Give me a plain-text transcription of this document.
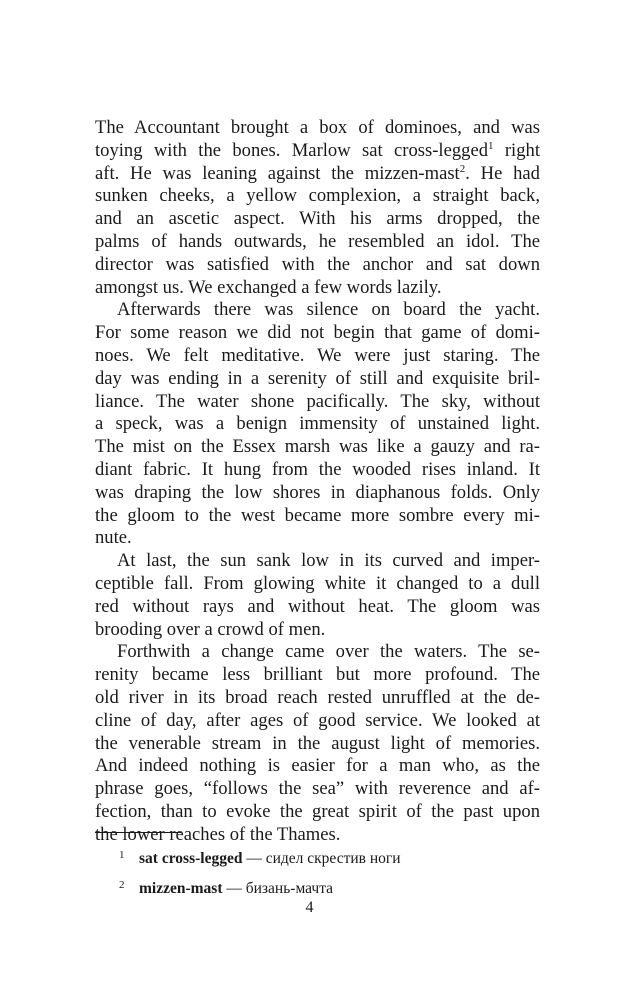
The Accountant brought a box of dominoes, and was
toying with the bones. Marlow sat cross-legged$^1$ right
aft. He was leaning against the mizzen-mast$^2$. He had
sunken cheeks, a yellow complexion, a straight back,
and an ascetic aspect. With his arms dropped, the
palms of hands outwards, he resembled an idol. The
director was satisfied with the anchor and sat down
amongst us. We exchanged a few words lazily.
Afterwards there was silence on board the yacht.
For some reason we did not begin that game of domi-
noes. We felt meditative. We were just staring. The
day was ending in a serenity of still and exquisite bril-
liance. The water shone pacifically. The sky, without
a speck, was a benign immensity of unstained light.
The mist on the Essex marsh was like a gauzy and ra-
diant fabric. It hung from the wooded rises inland. It
was draping the low shores in diaphanous folds. Only
the gloom to the west became more sombre every mi-
nute.
At last, the sun sank low in its curved and imper-
ceptible fall. From glowing white it changed to a dull
red without rays and without heat. The gloom was
brooding over a crowd of men.
Forthwith a change came over the waters. The se-
renity became less brilliant but more profound. The
old river in its broad reach rested unruffled at the de-
cline of day, after ages of good service. We looked at
the venerable stream in the august light of memories.
And indeed nothing is easier for a man who, as the
phrase goes, “follows the sea” with reverence and af-
fection, than to evoke the great spirit of the past upon
the lower reaches of the Thames.
1 sat cross-legged — сидел скрестив ноги
2 mizzen-mast — бизань-мачта
4
